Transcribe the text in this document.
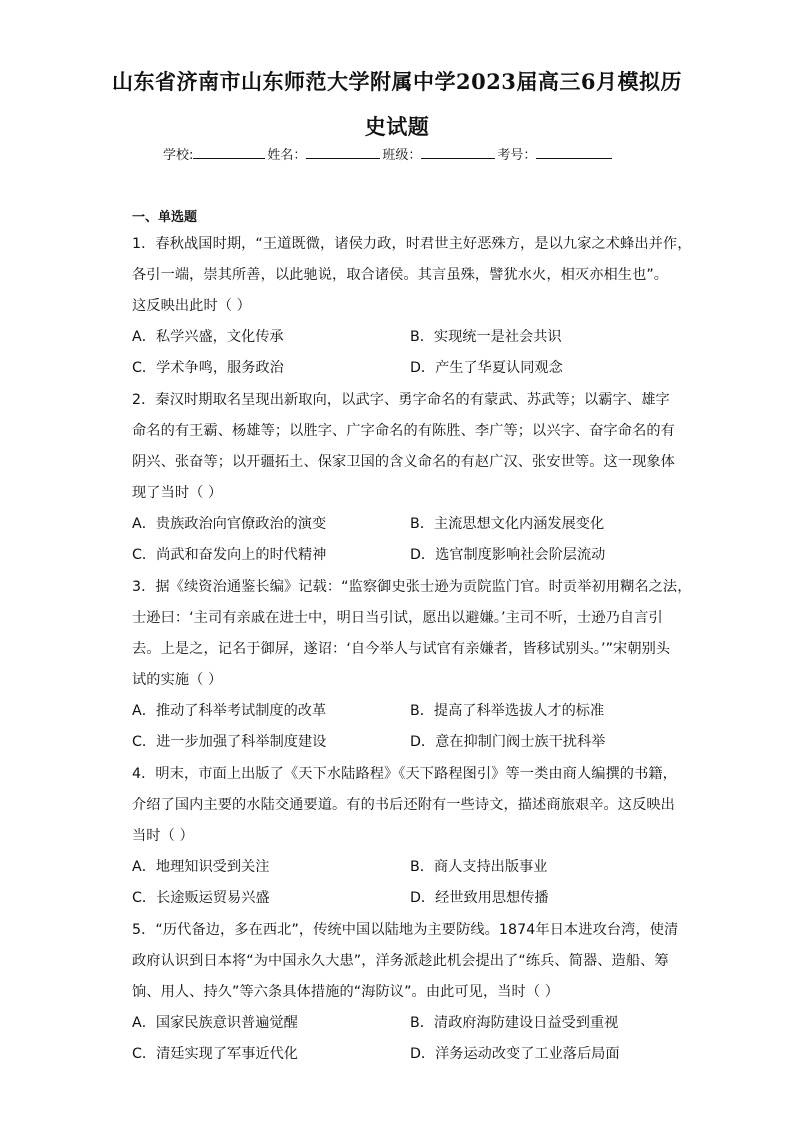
山东省济南市山东师范大学附属中学2023届高三6月模拟历
史试题
学校:	姓名：	班级：	考号：
一、单选题
1．春秋战国时期，“王道既微，诸侯力政，时君世主好恶殊方，是以九家之术蜂出并作，
各引一端，崇其所善，以此驰说，取合诸侯。其言虽殊，譬犹水火，相灭亦相生也”。
这反映出此时（ ）
A．私学兴盛，文化传承	B．实现统一是社会共识
C．学术争鸣，服务政治	D．产生了华夏认同观念
2．秦汉时期取名呈现出新取向，以武字、勇字命名的有蒙武、苏武等；以霸字、雄字
命名的有王霸、杨雄等；以胜字、广字命名的有陈胜、李广等；以兴字、奋字命名的有
阴兴、张奋等；以开疆拓土、保家卫国的含义命名的有赵广汉、张安世等。这一现象体
现了当时（ ）
A．贵族政治向官僚政治的演变	B．主流思想文化内涵发展变化
C．尚武和奋发向上的时代精神	D．选官制度影响社会阶层流动
3．据《续资治通鉴长编》记载：“监察御史张士逊为贡院监门官。时贡举初用糊名之法，
士逊曰：‘主司有亲戚在进士中，明日当引试，愿出以避嫌。’主司不听，士逊乃自言引
去。上是之，记名于御屏，遂诏：‘自今举人与试官有亲嫌者，皆移试别头。’”宋朝别头
试的实施（ ）
A．推动了科举考试制度的改革	B．提高了科举选拔人才的标准
C．进一步加强了科举制度建设	D．意在抑制门阀士族干扰科举
4．明末，市面上出版了《天下水陆路程》《天下路程图引》等一类由商人编撰的书籍，
介绍了国内主要的水陆交通要道。有的书后还附有一些诗文，描述商旅艰辛。这反映出
当时（ ）
A．地理知识受到关注	B．商人支持出版事业
C．长途贩运贸易兴盛	D．经世致用思想传播
5．“历代备边，多在西北”，传统中国以陆地为主要防线。1874年日本进攻台湾，使清
政府认识到日本将“为中国永久大患”，洋务派趁此机会提出了“练兵、简器、造船、筹
饷、用人、持久”等六条具体措施的“海防议”。由此可见，当时（ ）
A．国家民族意识普遍觉醒	B．清政府海防建设日益受到重视
C．清廷实现了军事近代化	D．洋务运动改变了工业落后局面
